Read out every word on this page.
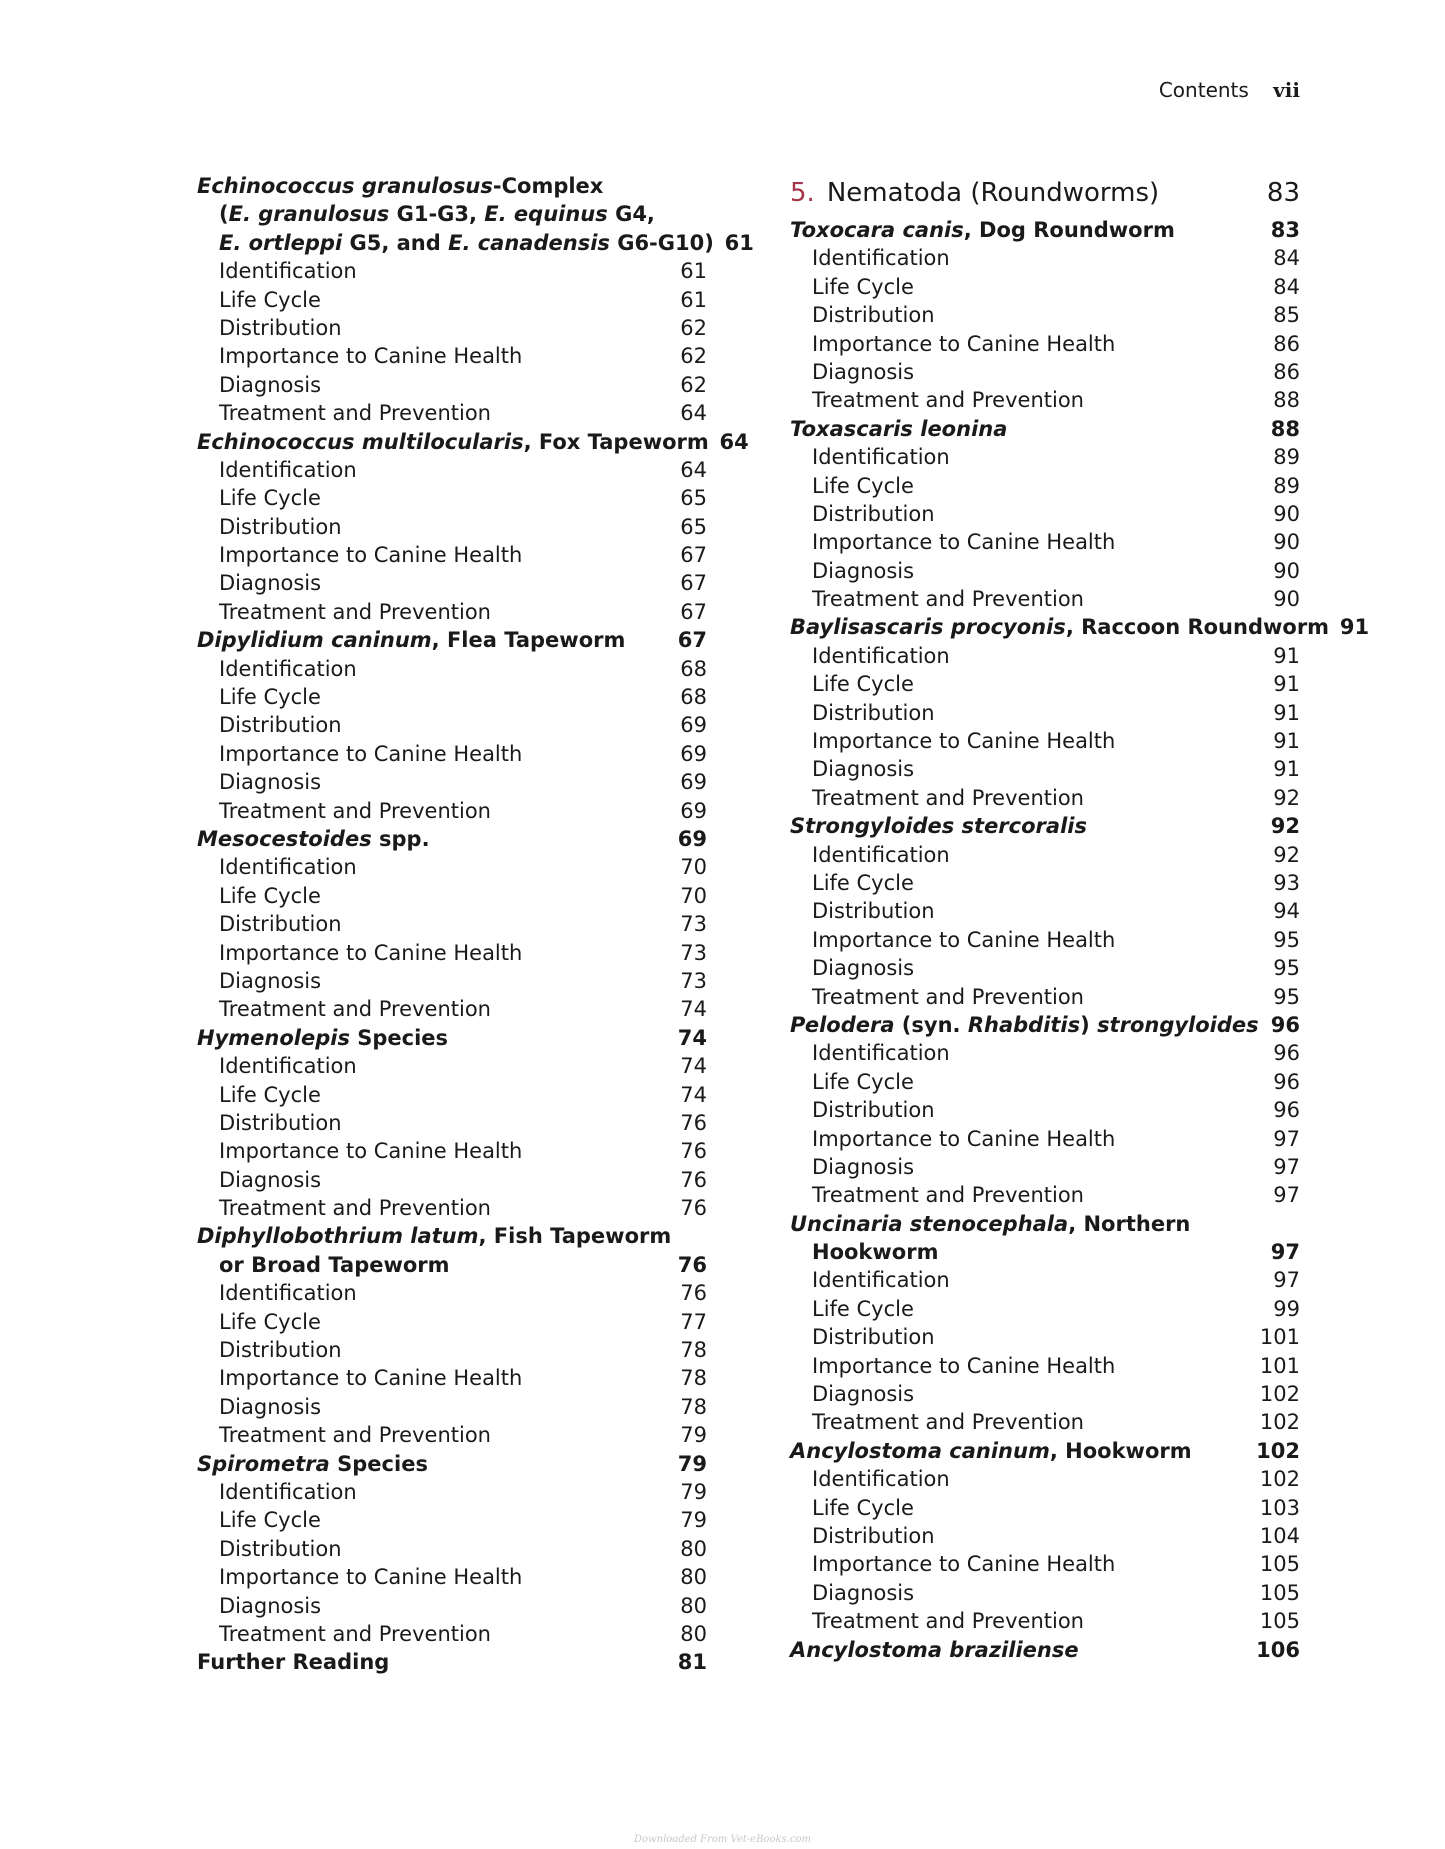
Contents vii
Echinococcus granulosus-Complex
(E. granulosus G1-G3, E. equinus G4,
E. ortleppi G5, and E. canadensis G6-G10) 61
Identification	61
Life Cycle	61
Distribution	62
Importance to Canine Health	62
Diagnosis	62
Treatment and Prevention	64
Echinococcus multilocularis, Fox Tapeworm 64
Identification	64
Life Cycle	65
Distribution	65
Importance to Canine Health	67
Diagnosis	67
Treatment and Prevention	67
Dipylidium caninum, Flea Tapeworm	67
Identification	68
Life Cycle	68
Distribution	69
Importance to Canine Health	69
Diagnosis	69
Treatment and Prevention	69
Mesocestoides spp.	69
Identification	70
Life Cycle	70
Distribution	73
Importance to Canine Health	73
Diagnosis	73
Treatment and Prevention	74
Hymenolepis Species	74
Identification	74
Life Cycle	74
Distribution	76
Importance to Canine Health	76
Diagnosis	76
Treatment and Prevention	76
Diphyllobothrium latum, Fish Tapeworm
or Broad Tapeworm	76
Identification	76
Life Cycle	77
Distribution	78
Importance to Canine Health	78
Diagnosis	78
Treatment and Prevention	79
Spirometra Species	79
Identification	79
Life Cycle	79
Distribution	80
Importance to Canine Health	80
Diagnosis	80
Treatment and Prevention	80
Further Reading	81
5. Nematoda (Roundworms)	83
Toxocara canis, Dog Roundworm	83
Identification	84
Life Cycle	84
Distribution	85
Importance to Canine Health	86
Diagnosis	86
Treatment and Prevention	88
Toxascaris leonina	88
Identification	89
Life Cycle	89
Distribution	90
Importance to Canine Health	90
Diagnosis	90
Treatment and Prevention	90
Baylisascaris procyonis, Raccoon Roundworm 91
Identification	91
Life Cycle	91
Distribution	91
Importance to Canine Health	91
Diagnosis	91
Treatment and Prevention	92
Strongyloides stercoralis	92
Identification	92
Life Cycle	93
Distribution	94
Importance to Canine Health	95
Diagnosis	95
Treatment and Prevention	95
Pelodera (syn. Rhabditis) strongyloides 96
Identification	96
Life Cycle	96
Distribution	96
Importance to Canine Health	97
Diagnosis	97
Treatment and Prevention	97
Uncinaria stenocephala, Northern
Hookworm	97
Identification	97
Life Cycle	99
Distribution	101
Importance to Canine Health	101
Diagnosis	102
Treatment and Prevention	102
Ancylostoma caninum, Hookworm	102
Identification	102
Life Cycle	103
Distribution	104
Importance to Canine Health	105
Diagnosis	105
Treatment and Prevention	105
Ancylostoma braziliense	106
Downloaded From Vet-eBooks.com
